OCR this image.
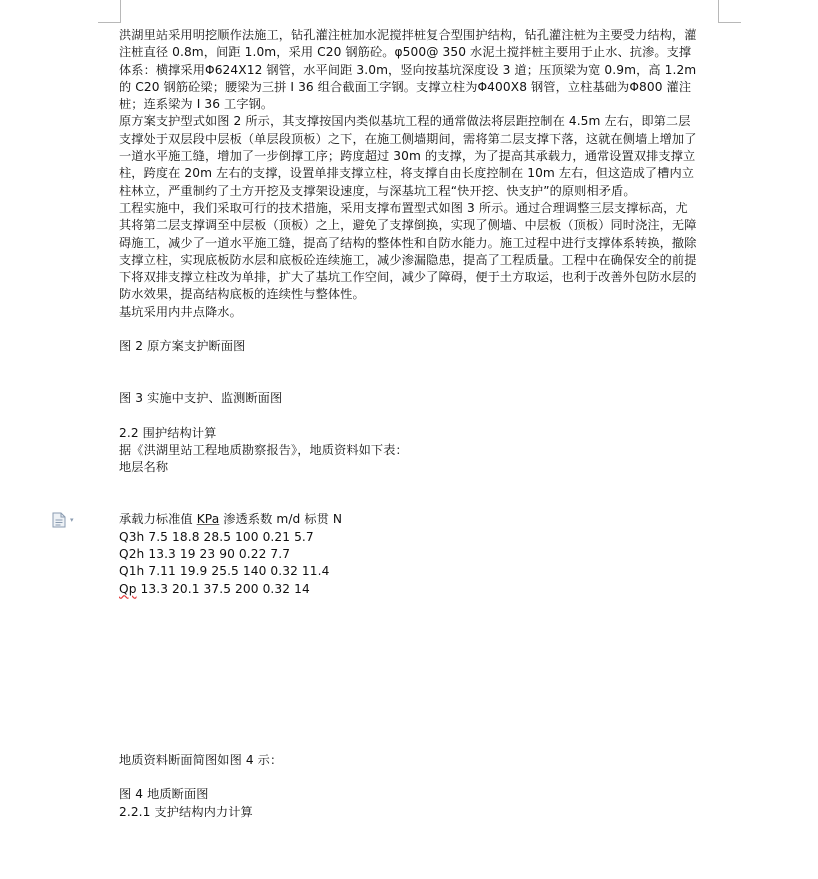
▾

洪湖里站采用明挖顺作法施工，钻孔灌注桩加水泥搅拌桩复合型围护结构，钻孔灌注桩为主要受力结构，灌注桩直径 0.8m，间距 1.0m，采用 C20 钢筋砼。φ500@ 350 水泥土搅拌桩主要用于止水、抗渗。支撑体系：横撑采用Φ624X12 钢管，水平间距 3.0m，竖向按基坑深度设 3 道；压顶梁为宽 0.9m，高 1.2m 的 C20 钢筋砼梁；腰梁为三拼 I 36 组合截面工字钢。支撑立柱为Φ400X8 钢管，立柱基础为Φ800 灌注桩；连系梁为 I 36 工字钢。

原方案支护型式如图 2 所示，其支撑按国内类似基坑工程的通常做法将层距控制在 4.5m 左右，即第二层支撑处于双层段中层板（单层段顶板）之下，在施工侧墙期间，需将第二层支撑下落，这就在侧墙上增加了一道水平施工缝，增加了一步倒撑工序；跨度超过 30m 的支撑，为了提高其承载力，通常设置双排支撑立柱，跨度在 20m 左右的支撑，设置单排支撑立柱，将支撑自由长度控制在 10m 左右，但这造成了槽内立柱林立，严重制约了土方开挖及支撑架设速度，与深基坑工程“快开挖、快支护”的原则相矛盾。

工程实施中，我们采取可行的技术措施，采用支撑布置型式如图 3 所示。通过合理调整三层支撑标高，尤其将第二层支撑调至中层板（顶板）之上，避免了支撑倒换，实现了侧墙、中层板（顶板）同时浇注，无障碍施工，减少了一道水平施工缝，提高了结构的整体性和自防水能力。施工过程中进行支撑体系转换，撤除支撑立柱，实现底板防水层和底板砼连续施工，减少渗漏隐患，提高了工程质量。工程中在确保安全的前提下将双排支撑立柱改为单排，扩大了基坑工作空间，减少了障碍，便于土方取运，也利于改善外包防水层的防水效果，提高结构底板的连续性与整体性。

基坑采用内井点降水。

图 2 原方案支护断面图

图 3 实施中支护、监测断面图

2.2 围护结构计算

据《洪湖里站工程地质勘察报告》，地质资料如下表：

地层名称

承载力标准值 KPa 渗透系数 m/d 标贯 N

Q3h 7.5 18.8 28.5 100 0.21 5.7

Q2h 13.3 19 23 90 0.22 7.7

Q1h 7.11 19.9 25.5 140 0.32 11.4

Qp 13.3 20.1 37.5 200 0.32 14

地质资料断面简图如图 4 示：

图 4 地质断面图

2.2.1 支护结构内力计算
